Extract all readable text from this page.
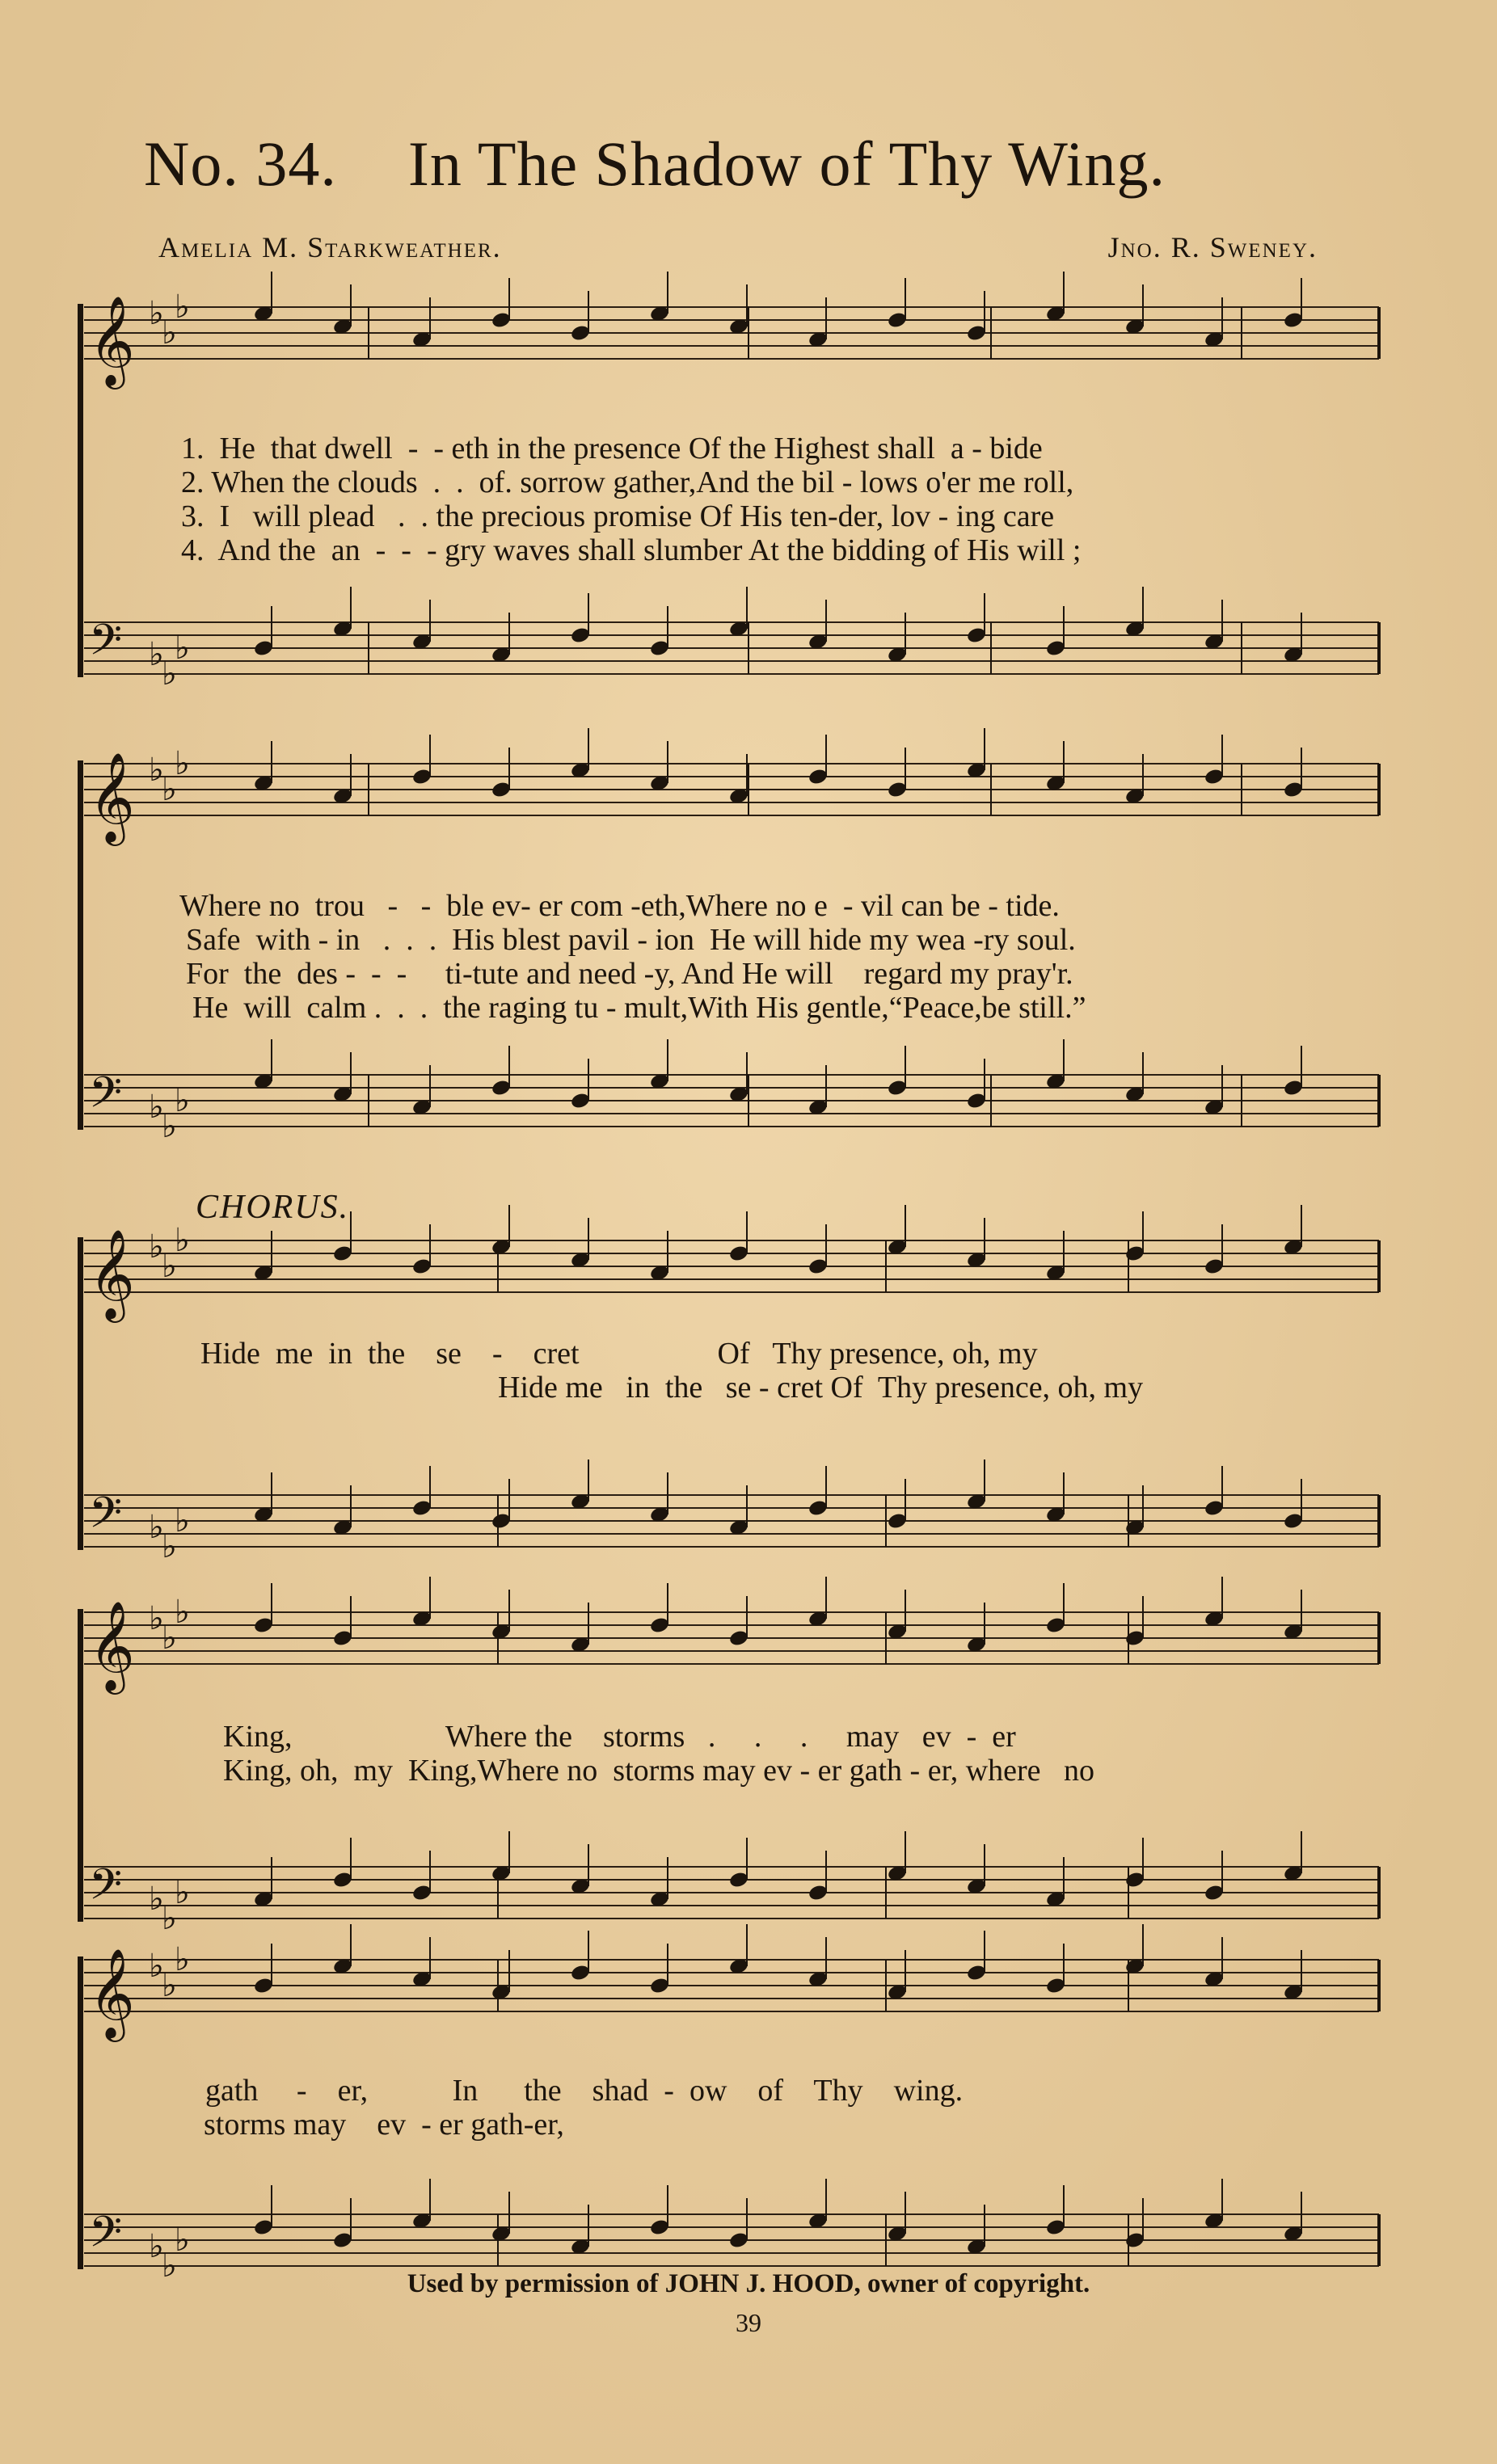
No. 34. In The Shadow of Thy Wing.
Amelia M. Starkweather.	Jno. R. Sweney.
𝄞 ♭
♭
♭
𝄢 ♭
♭
♭
1.  He  that dwell  -  - eth in the presence Of the Highest shall  a - bide
2. When the clouds  .  .  of. sorrow gather,And the bil - lows o'er me roll,
3.  I   will plead   .  . the precious promise Of His ten-der, lov - ing care
4.  And the  an  -  -  - gry waves shall slumber At the bidding of His will ;
𝄞 ♭
♭
♭
𝄢 ♭
♭
♭
Where no  trou   -   -  ble ev- er com -eth,Where no e  - vil can be - tide.
Safe  with - in   .  .  .  His blest pavil - ion  He will hide my wea -ry soul.
For  the  des -  -  -     ti-tute and need -y, And He will    regard my pray'r.
He  will  calm .  .  .  the raging tu - mult,With His gentle,“Peace,be still.”
CHORUS.
𝄞 ♭
♭
♭
𝄢 ♭
♭
♭
Hide  me  in  the    se    -    cret                  Of   Thy presence, oh, my
Hide me   in  the   se - cret Of  Thy presence, oh, my
𝄞 ♭
♭
♭
𝄢 ♭
♭
♭
King,                    Where the    storms   .     .     .     may   ev  -  er
King, oh,  my  King,Where no  storms may ev - er gath - er, where   no
𝄞 ♭
♭
♭
𝄢 ♭
♭
♭
gath     -    er,           In      the    shad  -  ow    of    Thy    wing.
storms may    ev  - er gath-er,
Used by permission of JOHN J. HOOD, owner of copyright.
39
